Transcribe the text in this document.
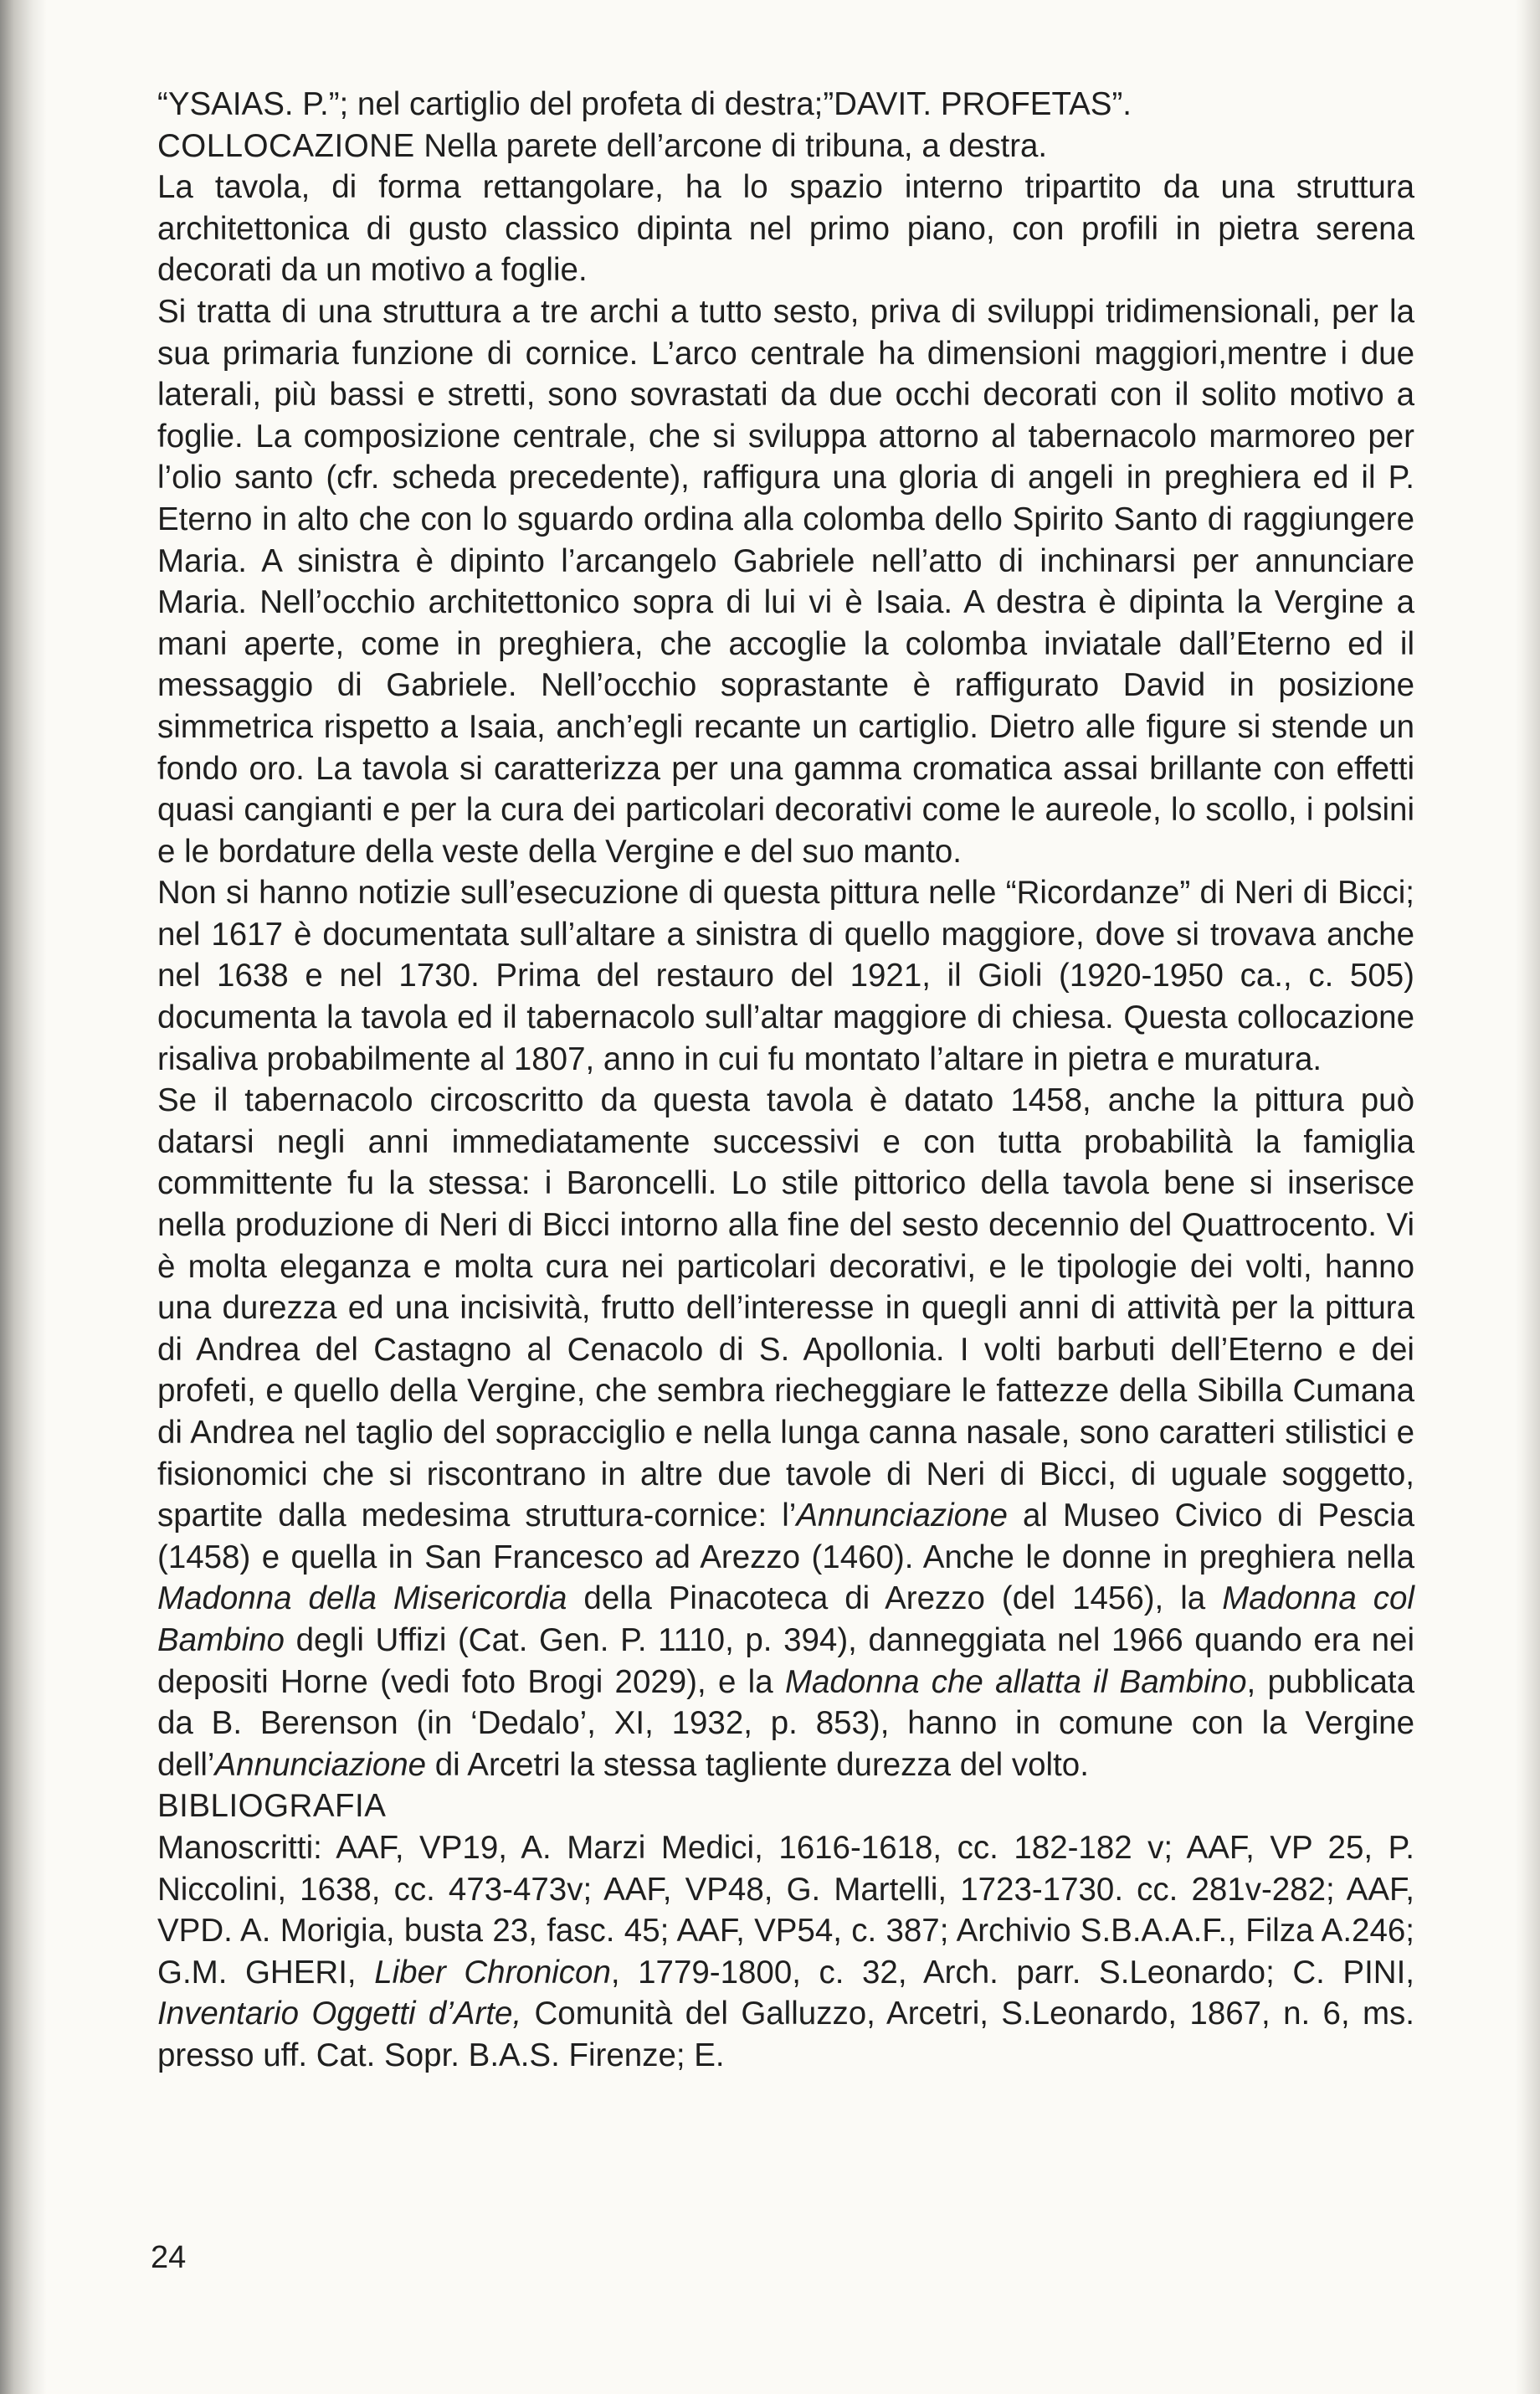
“YSAIAS. P.”; nel cartiglio del profeta di destra;”DAVIT. PROFETAS”.

COLLOCAZIONE Nella parete dell’arcone di tribuna, a destra.

La tavola, di forma rettangolare, ha lo spazio interno tripartito da una struttura architettonica di gusto classico dipinta nel primo piano, con profili in pietra serena decorati da un motivo a foglie.

Si tratta di una struttura a tre archi a tutto sesto, priva di sviluppi tridimensionali, per la sua primaria funzione di cornice. L’arco centrale ha dimensioni maggiori,mentre i due laterali, più bassi e stretti, sono sovrastati da due occhi decorati con il solito motivo a foglie. La composizione centrale, che si sviluppa attorno al tabernacolo marmoreo per l’olio santo (cfr. scheda precedente), raffigura una gloria di angeli in preghiera ed il P. Eterno in alto che con lo sguardo ordina alla colomba dello Spirito Santo di raggiungere Maria. A sinistra è dipinto l’arcangelo Gabriele nell’atto di inchinarsi per annunciare Maria. Nell’occhio architettonico sopra di lui vi è Isaia. A destra è dipinta la Vergine a mani aperte, come in preghiera, che accoglie la colomba inviatale dall’Eterno ed il messaggio di Gabriele. Nell’occhio soprastante è raffigurato David in posizione simmetrica rispetto a Isaia, anch’egli recante un cartiglio. Dietro alle figure si stende un fondo oro. La tavola si caratterizza per una gamma cromatica assai brillante con effetti quasi cangianti e per la cura dei particolari decorativi come le aureole, lo scollo, i polsini e le bordature della veste della Vergine e del suo manto.

Non si hanno notizie sull’esecuzione di questa pittura nelle “Ricordanze” di Neri di Bicci; nel 1617 è documentata sull’altare a sinistra di quello maggiore, dove si trovava anche nel 1638 e nel 1730. Prima del restauro del 1921, il Gioli (1920-1950 ca., c. 505) documenta la tavola ed il tabernacolo sull’altar maggiore di chiesa. Questa collocazione risaliva probabilmente al 1807, anno in cui fu montato l’altare in pietra e muratura.

Se il tabernacolo circoscritto da questa tavola è datato 1458, anche la pittura può datarsi negli anni immediatamente successivi e con tutta probabilità la famiglia committente fu la stessa: i Baroncelli. Lo stile pittorico della tavola bene si inserisce nella produzione di Neri di Bicci intorno alla fine del sesto decennio del Quattrocento. Vi è molta eleganza e molta cura nei particolari decorativi, e le tipologie dei volti, hanno una durezza ed una incisività, frutto dell’interesse in quegli anni di attività per la pittura di Andrea del Castagno al Cenacolo di S. Apollonia. I volti barbuti dell’Eterno e dei profeti, e quello della Vergine, che sembra riecheggiare le fattezze della Sibilla Cumana di Andrea nel taglio del sopracciglio e nella lunga canna nasale, sono caratteri stilistici e fisionomici che si riscontrano in altre due tavole di Neri di Bicci, di uguale soggetto, spartite dalla medesima struttura-cornice: l’Annunciazione al Museo Civico di Pescia (1458) e quella in San Francesco ad Arezzo (1460). Anche le donne in preghiera nella Madonna della Misericordia della Pinacoteca di Arezzo (del 1456), la Madonna col Bambino degli Uffizi (Cat. Gen. P. 1110, p. 394), danneggiata nel 1966 quando era nei depositi Horne (vedi foto Brogi 2029), e la Madonna che allatta il Bambino, pubblicata da B. Berenson (in ‘Dedalo’, XI, 1932, p. 853), hanno in comune con la Vergine dell’Annunciazione di Arcetri la stessa tagliente durezza del volto.

BIBLIOGRAFIA

Manoscritti: AAF, VP19, A. Marzi Medici, 1616-1618, cc. 182-182 v; AAF, VP 25, P. Niccolini, 1638, cc. 473-473v; AAF, VP48, G. Martelli, 1723-1730. cc. 281v-282; AAF, VPD. A. Morigia, busta 23, fasc. 45; AAF, VP54, c. 387; Archivio S.B.A.A.F., Filza A.246; G.M. GHERI, Liber Chronicon, 1779-1800, c. 32, Arch. parr. S.Leonardo; C. PINI, Inventario Oggetti d’Arte, Comunità del Galluzzo, Arcetri, S.Leonardo, 1867, n. 6, ms. presso uff. Cat. Sopr. B.A.S. Firenze; E.

24
